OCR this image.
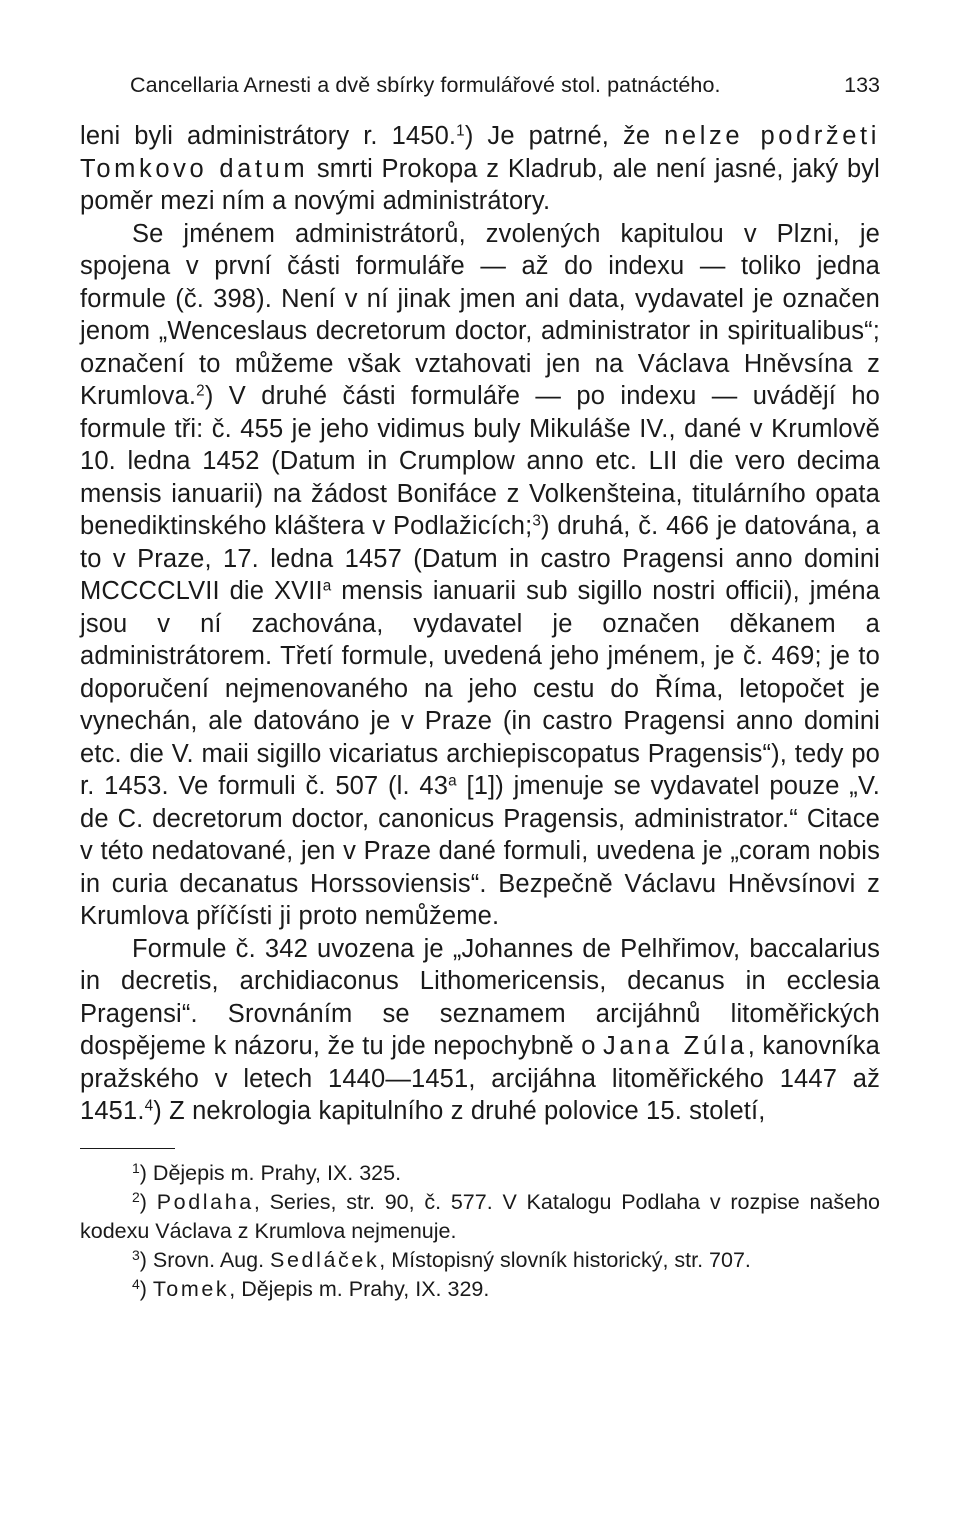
Cancellaria Arnesti a dvě sbírky formulářové stol. patnáctého.	133

leni byli administrátory r. 1450.$^1$) Je patrné, že nelze podržeti Tomkovo datum smrti Prokopa z Kladrub, ale není jasné, jaký byl poměr mezi ním a novými administrátory.

Se jménem administrátorů, zvolených kapitulou v Plzni, je spojena v první části formuláře — až do indexu — toliko jedna formule (č. 398). Není v ní jinak jmen ani data, vydavatel je označen jenom „Wenceslaus decretorum doctor, administrator in spiritualibus“; označení to můžeme však vztahovati jen na Václava Hněvsína z Krumlova.$^2$) V druhé části formuláře — po indexu — uvádějí ho formule tři: č. 455 je jeho vidimus buly Mikuláše IV., dané v Krumlově 10. ledna 1452 (Datum in Crumplow anno etc. LII die vero decima mensis ianuarii) na žádost Bonifáce z Volkenšteina, titulárního opata benediktinského kláštera v Podlažicích;$^3$) druhá, č. 466 je datována, a to v Praze, 17. ledna 1457 (Datum in castro Pragensi anno domini MCCCCLVII die XVII$^a$ mensis ianuarii sub sigillo nostri officii), jména jsou v ní zachována, vydavatel je označen děkanem a administrátorem. Třetí formule, uvedená jeho jménem, je č. 469; je to doporučení nejmenovaného na jeho cestu do Říma, letopočet je vynechán, ale datováno je v Praze (in castro Pragensi anno domini etc. die V. maii sigillo vicariatus archiepiscopatus Pragensis“), tedy po r. 1453. Ve formuli č. 507 (l. 43$^a$ [1]) jmenuje se vydavatel pouze „V. de C. decretorum doctor, canonicus Pragensis, administrator.“ Citace v této nedatované, jen v Praze dané formuli, uvedena je „coram nobis in curia decanatus Horssoviensis“. Bezpečně Václavu Hněvsínovi z Krumlova příčísti ji proto nemůžeme.

Formule č. 342 uvozena je „Johannes de Pelhřimov, baccalarius in decretis, archidiaconus Lithomericensis, decanus in ecclesia Pragensi“. Srovnáním se seznamem arcijáhnů litoměřických dospějeme k názoru, že tu jde nepochybně o Jana Zúla, kanovníka pražského v letech 1440—1451, arcijáhna litoměřického 1447 až 1451.$^4$) Z nekrologia kapitulního z druhé polovice 15. století,

$^1$) Dějepis m. Prahy, IX. 325.

$^2$) Podlaha, Series, str. 90, č. 577. V Katalogu Podlaha v rozpise našeho kodexu Václava z Krumlova nejmenuje.

$^3$) Srovn. Aug. Sedláček, Místopisný slovník historický, str. 707.

$^4$) Tomek, Dějepis m. Prahy, IX. 329.
